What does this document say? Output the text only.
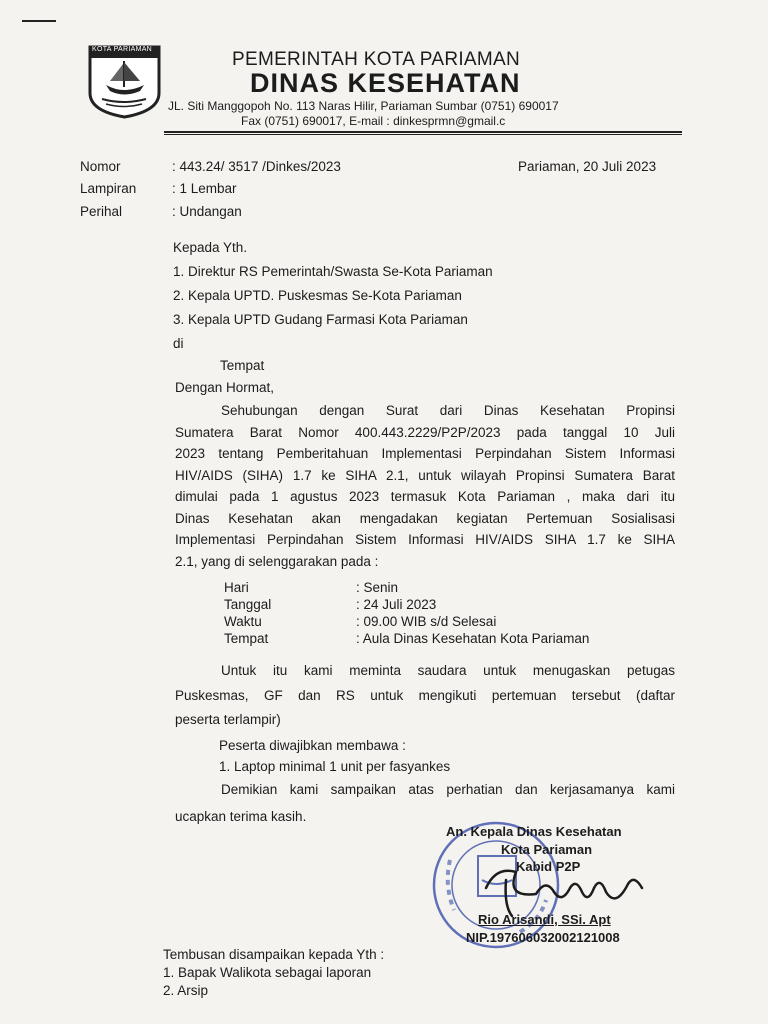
KOTA PARIAMAN	PEMERINTAH KOTA PARIAMAN
DINAS KESEHATAN
JL. Siti Manggopoh No. 113 Naras Hilir, Pariaman Sumbar (0751) 690017
Fax (0751) 690017, E-mail : dinkesprmn@gmail.c
Nomor	: 443.24/ 3517 /Dinkes/2023	Pariaman, 20 Juli 2023
Lampiran	: 1 Lembar
Perihal	: Undangan
Kepada Yth.
1. Direktur RS Pemerintah/Swasta Se-Kota Pariaman
2. Kepala UPTD. Puskesmas Se-Kota Pariaman
3. Kepala UPTD Gudang Farmasi Kota Pariaman
di
Tempat
Dengan Hormat,
Sehubungan dengan Surat dari Dinas Kesehatan Propinsi
Sumatera Barat Nomor 400.443.2229/P2P/2023 pada tanggal 10 Juli
2023 tentang Pemberitahuan Implementasi Perpindahan Sistem Informasi
HIV/AIDS (SIHA) 1.7 ke SIHA 2.1, untuk wilayah Propinsi Sumatera Barat
dimulai pada 1 agustus 2023 termasuk Kota Pariaman , maka dari itu
Dinas Kesehatan akan mengadakan kegiatan Pertemuan Sosialisasi
Implementasi Perpindahan Sistem Informasi HIV/AIDS SIHA 1.7 ke SIHA
2.1, yang di selenggarakan pada :
Hari	: Senin
Tanggal	: 24 Juli 2023
Waktu	: 09.00 WIB s/d Selesai
Tempat	: Aula Dinas Kesehatan Kota Pariaman
Untuk itu kami meminta saudara untuk menugaskan petugas
Puskesmas, GF dan RS untuk mengikuti pertemuan tersebut (daftar
peserta terlampir)
Peserta diwajibkan membawa :
1. Laptop minimal 1 unit per fasyankes
Demikian kami sampaikan atas perhatian dan kerjasamanya kami
ucapkan terima kasih.
An. Kepala Dinas Kesehatan
Kota Pariaman
Kabid P2P
Rio Arisandi, SSi. Apt
NIP.197606032002121008
Tembusan disampaikan kepada Yth :
1. Bapak Walikota sebagai laporan
2. Arsip
